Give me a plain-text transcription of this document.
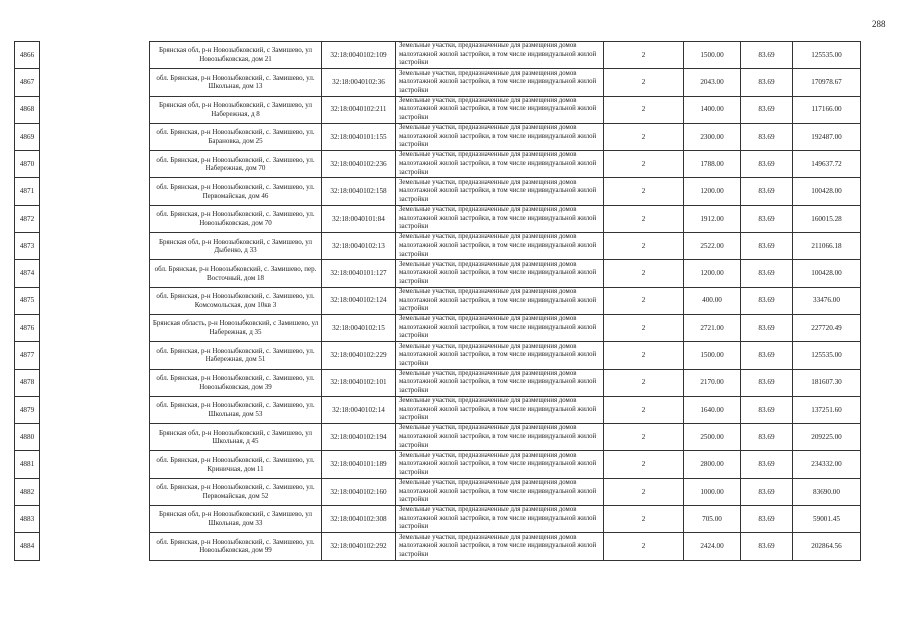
288
4866		Брянская обл, р-н Новозыбковский, с Замишево, ул Новозыбковская, дом 21	32:18:0040102:109	Земельные участки, предназначенные для размещения домов малоэтажной жилой застройки, в том числе индивидуальной жилой застройки	2	1500.00	83.69	125535.00
4867		обл. Брянская, р-н Новозыбковский, с. Замишево, ул. Школьная, дом 13	32:18:0040102:36	Земельные участки, предназначенные для размещения домов малоэтажной жилой застройки, в том числе индивидуальной жилой застройки	2	2043.00	83.69	170978.67
4868		Брянская обл, р-н Новозыбковский, с Замишево, ул Набережная, д 8	32:18:0040102:211	Земельные участки, предназначенные для размещения домов малоэтажной жилой застройки, в том числе индивидуальной жилой застройки	2	1400.00	83.69	117166.00
4869		обл. Брянская, р-н Новозыбковский, с. Замишево, ул. Барановка, дом 25	32:18:0040101:155	Земельные участки, предназначенные для размещения домов малоэтажной жилой застройки, в том числе индивидуальной жилой застройки	2	2300.00	83.69	192487.00
4870		обл. Брянская, р-н Новозыбковский, с. Замишево, ул. Набережная, дом 70	32:18:0040102:236	Земельные участки, предназначенные для размещения домов малоэтажной жилой застройки, в том числе индивидуальной жилой застройки	2	1788.00	83.69	149637.72
4871		обл. Брянская, р-н Новозыбковский, с. Замишево, ул. Первомайская, дом 46	32:18:0040102:158	Земельные участки, предназначенные для размещения домов малоэтажной жилой застройки, в том числе индивидуальной жилой застройки	2	1200.00	83.69	100428.00
4872		обл. Брянская, р-н Новозыбковский, с. Замишево, ул. Новозыбковская, дом 70	32:18:0040101:84	Земельные участки, предназначенные для размещения домов малоэтажной жилой застройки, в том числе индивидуальной жилой застройки	2	1912.00	83.69	160015.28
4873		Брянская обл, р-н Новозыбковский, с Замишево, ул Дыбенко, д 33	32:18:0040102:13	Земельные участки, предназначенные для размещения домов малоэтажной жилой застройки, в том числе индивидуальной жилой застройки	2	2522.00	83.69	211066.18
4874		обл. Брянская, р-н Новозыбковский, с. Замишево, пер. Восточный, дом 18	32:18:0040101:127	Земельные участки, предназначенные для размещения домов малоэтажной жилой застройки, в том числе индивидуальной жилой застройки	2	1200.00	83.69	100428.00
4875		обл. Брянская, р-н Новозыбковский, с. Замишево, ул. Комсомольская, дом 10кв 3	32:18:0040102:124	Земельные участки, предназначенные для размещения домов малоэтажной жилой застройки, в том числе индивидуальной жилой застройки	2	400.00	83.69	33476.00
4876		Брянская область, р-н Новозыбковский, с Замишево, ул Набережная, д 35	32:18:0040102:15	Земельные участки, предназначенные для размещения домов малоэтажной жилой застройки, в том числе индивидуальной жилой застройки	2	2721.00	83.69	227720.49
4877		обл. Брянская, р-н Новозыбковский, с. Замишево, ул. Набережная, дом 51	32:18:0040102:229	Земельные участки, предназначенные для размещения домов малоэтажной жилой застройки, в том числе индивидуальной жилой застройки	2	1500.00	83.69	125535.00
4878		обл. Брянская, р-н Новозыбковский, с. Замишево, ул. Новозыбковская, дом 39	32:18:0040102:101	Земельные участки, предназначенные для размещения домов малоэтажной жилой застройки, в том числе индивидуальной жилой застройки	2	2170.00	83.69	181607.30
4879		обл. Брянская, р-н Новозыбковский, с. Замишево, ул. Школьная, дом 53	32:18:0040102:14	Земельные участки, предназначенные для размещения домов малоэтажной жилой застройки, в том числе индивидуальной жилой застройки	2	1640.00	83.69	137251.60
4880		Брянская обл, р-н Новозыбковский, с Замишево, ул Школьная, д 45	32:18:0040102:194	Земельные участки, предназначенные для размещения домов малоэтажной жилой застройки, в том числе индивидуальной жилой застройки	2	2500.00	83.69	209225.00
4881		обл. Брянская, р-н Новозыбковский, с. Замишево, ул. Криничная, дом 11	32:18:0040101:189	Земельные участки, предназначенные для размещения домов малоэтажной жилой застройки, в том числе индивидуальной жилой застройки	2	2800.00	83.69	234332.00
4882		обл. Брянская, р-н Новозыбковский, с. Замишево, ул. Первомайская, дом 52	32:18:0040102:160	Земельные участки, предназначенные для размещения домов малоэтажной жилой застройки, в том числе индивидуальной жилой застройки	2	1000.00	83.69	83690.00
4883		Брянская обл, р-н Новозыбковский, с Замишево, ул Школьная, дом 33	32:18:0040102:308	Земельные участки, предназначенные для размещения домов малоэтажной жилой застройки, в том числе индивидуальной жилой застройки	2	705.00	83.69	59001.45
4884		обл. Брянская, р-н Новозыбковский, с. Замишево, ул. Новозыбковская, дом 99	32:18:0040102:292	Земельные участки, предназначенные для размещения домов малоэтажной жилой застройки, в том числе индивидуальной жилой застройки	2	2424.00	83.69	202864.56
